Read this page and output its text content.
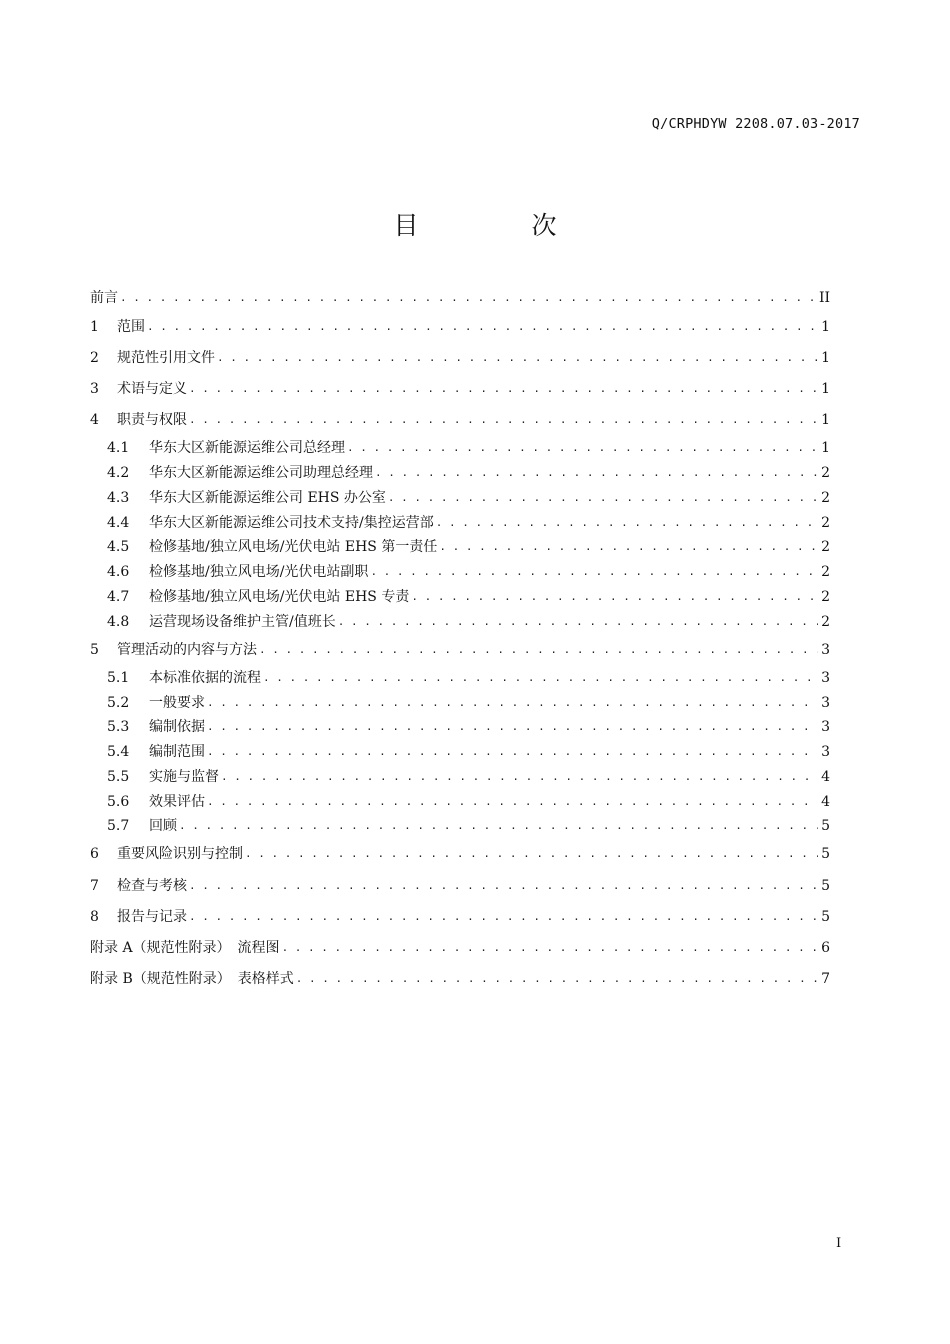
Q/CRPHDYW 2208.07.03-2017
目　次
前言 . . .	II
1	范围 . . .	1
2	规范性引用文件 . . .	1
3	术语与定义 . . .	1
4	职责与权限 . . .	1
4.1	华东大区新能源运维公司总经理 . . .	1
4.2	华东大区新能源运维公司助理总经理 . . .	2
4.3	华东大区新能源运维公司 EHS 办公室 . . .	2
4.4	华东大区新能源运维公司技术支持/集控运营部 . . .	2
4.5	检修基地/独立风电场/光伏电站 EHS 第一责任 . . .	2
4.6	检修基地/独立风电场/光伏电站副职 . . .	2
4.7	检修基地/独立风电场/光伏电站 EHS 专责 . . .	2
4.8	运营现场设备维护主管/值班长 . . .	2
5	管理活动的内容与方法 . . .	3
5.1	本标准依据的流程 . . .	3
5.2	一般要求 . . .	3
5.3	编制依据 . . .	3
5.4	编制范围 . . .	3
5.5	实施与监督 . . .	4
5.6	效果评估 . . .	4
5.7	回顾 . . .	5
6	重要风险识别与控制 . . .	5
7	检查与考核 . . .	5
8	报告与记录 . . .	5
附录 A（规范性附录）　流程图 . . .	6
附录 B（规范性附录）　表格样式 . . .	7
I
